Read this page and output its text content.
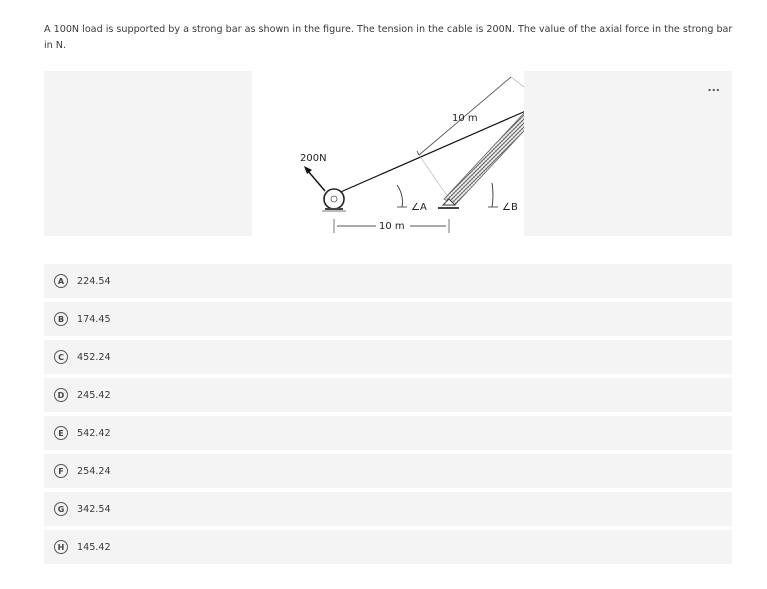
A 100N load is supported by a strong bar as shown in the figure. The tension in the cable is 200N. The value of the axial force in the strong bar in N.
200N
10 m
10 m
∠A	∠B
...
A	224.54
B	174.45
C	452.24
D	245.42
E	542.42
F	254.24
G	342.54
H	145.42
